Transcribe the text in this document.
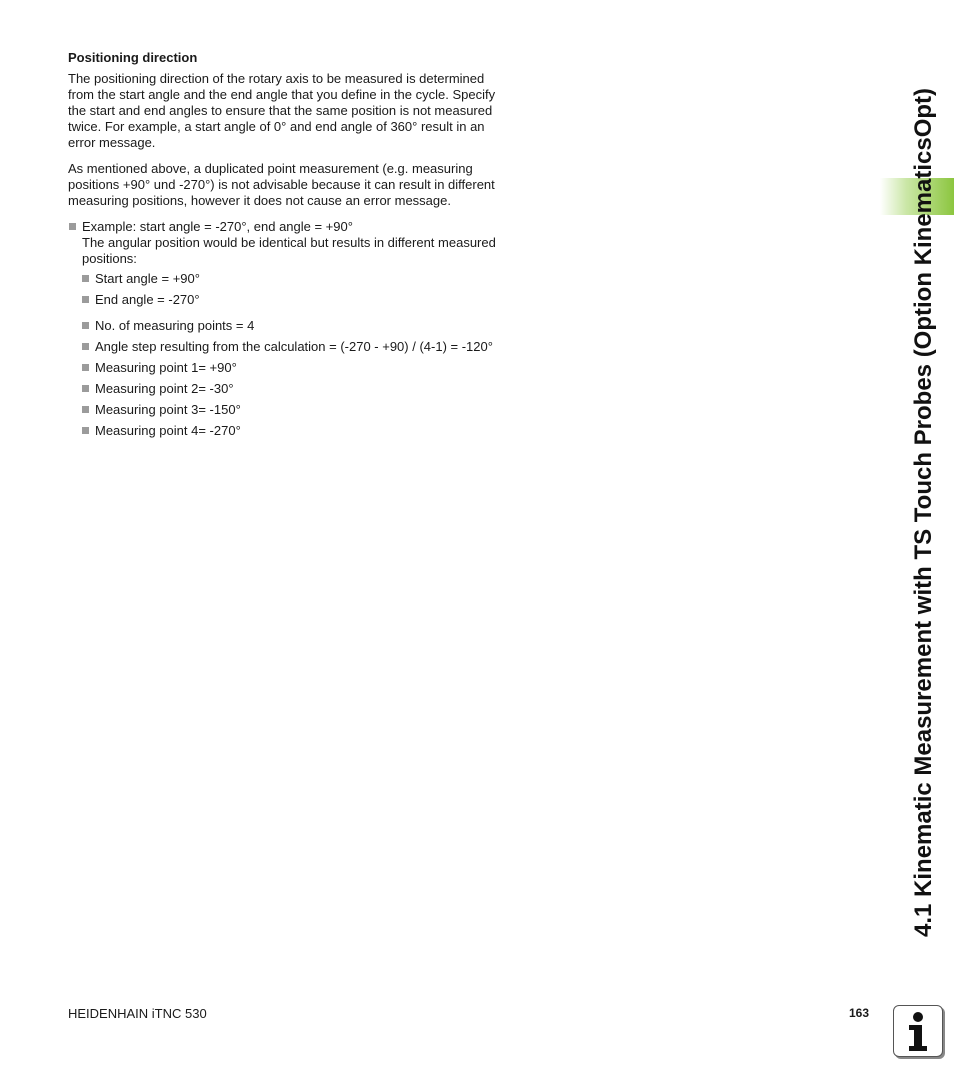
Positioning direction

The positioning direction of the rotary axis to be measured is determined from the start angle and the end angle that you define in the cycle. Specify the start and end angles to ensure that the same position is not measured twice. For example, a start angle of 0° and end angle of 360° result in an error message.

As mentioned above, a duplicated point measurement (e.g. measuring positions +90° und -270°) is not advisable because it can result in different measuring positions, however it does not cause an error message.

Example: start angle = -270°, end angle = +90°
The angular position would be identical but results in different measured positions:
Start angle = +90°
End angle = -270°
No. of measuring points = 4
Angle step resulting from the calculation = (-270 - +90) / (4-1) = -120°
Measuring point 1= +90°
Measuring point 2= -30°
Measuring point 3= -150°
Measuring point 4= -270°	4.1 Kinematic Measurement with TS Touch Probes (Option KinematicsOpt)
HEIDENHAIN iTNC 530	163
